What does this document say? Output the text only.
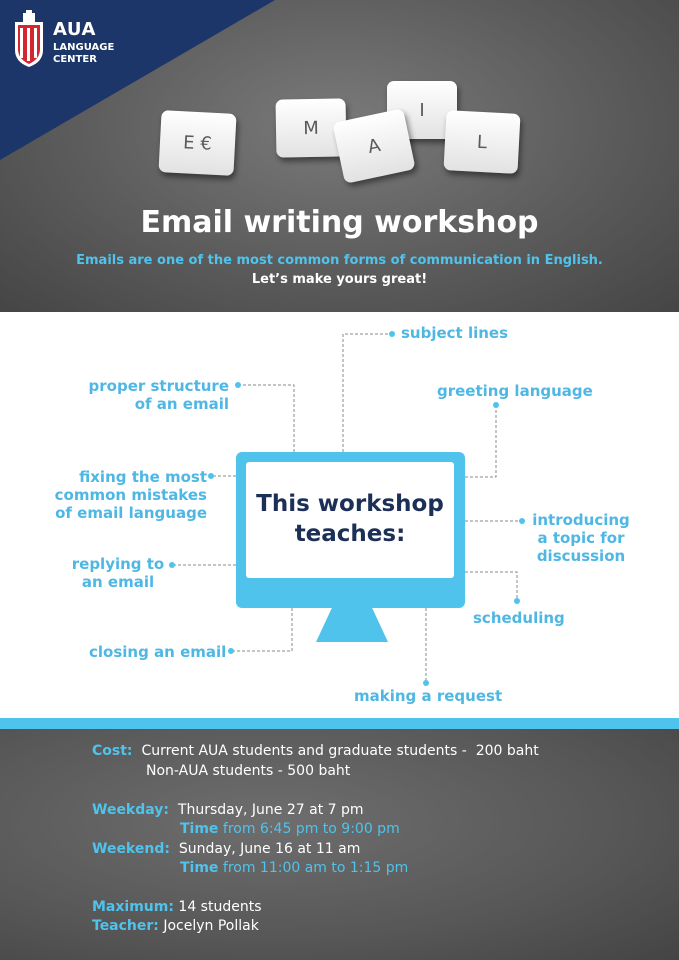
AUA
LANGUAGE CENTER
E €
M
I
A	L
Email writing workshop
Emails are one of the most common forms of communication in English.
Let’s make yours great!
subject lines
proper structure of an email
greeting language
fixing the most common mistakes of email language	introducing a topic for discussion
replying to an email
scheduling
closing an email
making a request
This workshop teaches:
Cost: Current AUA students and graduate students -  200 baht
Non-AUA students - 500 baht
Weekday: Thursday, June 27 at 7 pm
Time from 6:45 pm to 9:00 pm
Weekend: Sunday, June 16 at 11 am
Time from 11:00 am to 1:15 pm
Maximum: 14 students
Teacher: Jocelyn Pollak
